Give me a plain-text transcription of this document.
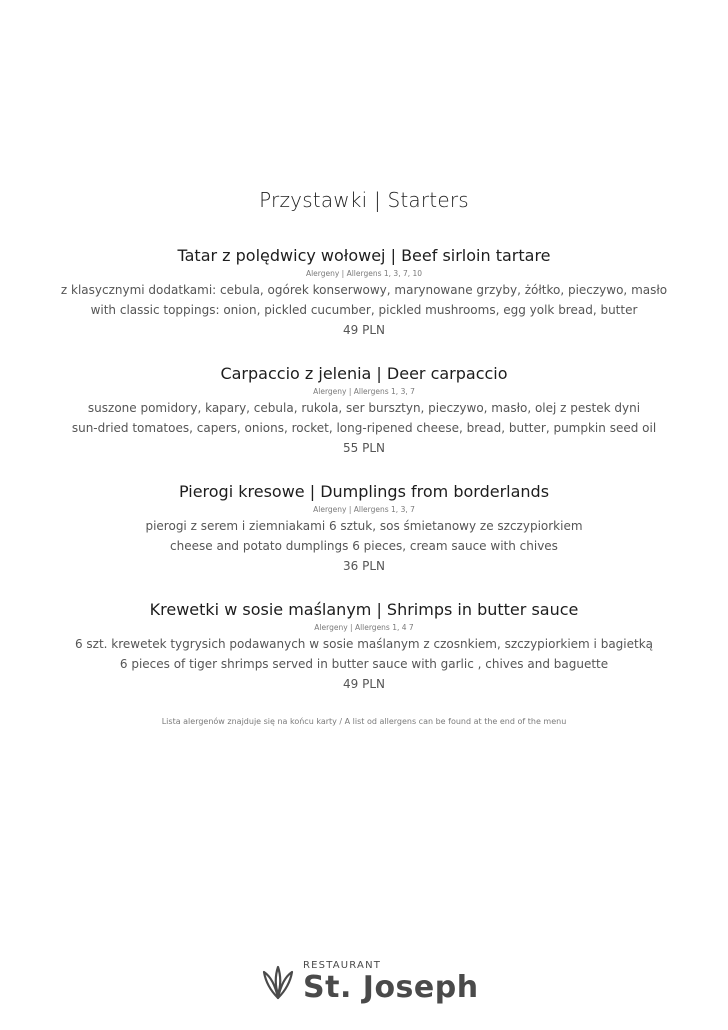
Przystawki | Starters
Tatar z polędwicy wołowej | Beef sirloin tartare
Alergeny | Allergens 1, 3, 7, 10
z klasycznymi dodatkami: cebula, ogórek konserwowy, marynowane grzyby, żółtko, pieczywo, masło
with classic toppings: onion, pickled cucumber, pickled mushrooms, egg yolk bread, butter
49 PLN
Carpaccio z jelenia | Deer carpaccio
Alergeny | Allergens 1, 3, 7
suszone pomidory, kapary, cebula, rukola, ser bursztyn, pieczywo, masło, olej z pestek dyni
sun-dried tomatoes, capers, onions, rocket, long-ripened cheese, bread, butter, pumpkin seed oil
55 PLN
Pierogi kresowe | Dumplings from borderlands
Alergeny | Allergens 1, 3, 7
pierogi z serem i ziemniakami 6 sztuk, sos śmietanowy ze szczypiorkiem
cheese and potato dumplings 6 pieces, cream sauce with chives
36 PLN
Krewetki w sosie maślanym | Shrimps in butter sauce
Alergeny | Allergens 1, 4 7
6 szt. krewetek tygrysich podawanych w sosie maślanym z czosnkiem, szczypiorkiem i bagietką
6 pieces of tiger shrimps served in butter sauce with garlic , chives and baguette
49 PLN
Lista alergenów znajduje się na końcu karty / A list od allergens can be found at the end of the menu
RESTAURANT
St. Joseph
